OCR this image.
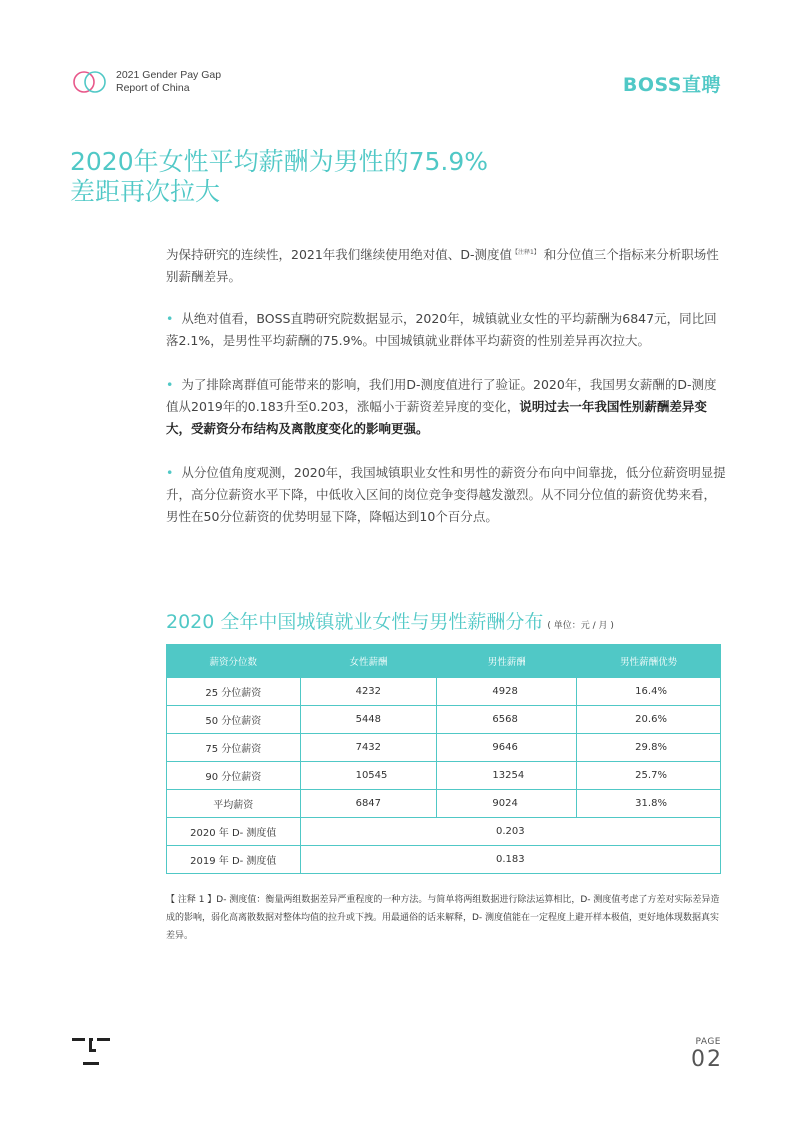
2021 Gender Pay Gap
Report of China	BOSS直聘
2020年女性平均薪酬为男性的75.9%
差距再次拉大
为保持研究的连续性，2021年我们继续使用绝对值、D-测度值$^{【注释1】}$ 和分位值三个指标来分析职场性别薪酬差异。
• 从绝对值看，BOSS直聘研究院数据显示，2020年，城镇就业女性的平均薪酬为6847元，同比回落2.1%，是男性平均薪酬的75.9%。中国城镇就业群体平均薪资的性别差异再次拉大。
• 为了排除离群值可能带来的影响，我们用D-测度值进行了验证。2020年，我国男女薪酬的D-测度值从2019年的0.183升至0.203，涨幅小于薪资差异度的变化，说明过去一年我国性别薪酬差异变大，受薪资分布结构及离散度变化的影响更强。
• 从分位值角度观测，2020年，我国城镇职业女性和男性的薪资分布向中间靠拢，低分位薪资明显提升，高分位薪资水平下降，中低收入区间的岗位竞争变得越发激烈。从不同分位值的薪资优势来看，男性在50分位薪资的优势明显下降，降幅达到10个百分点。
2020 全年中国城镇就业女性与男性薪酬分布 ( 单位：元 / 月 )
薪资分位数	女性薪酬	男性薪酬	男性薪酬优势
25 分位薪资	4232	4928	16.4%
50 分位薪资	5448	6568	20.6%
75 分位薪资	7432	9646	29.8%
90 分位薪资	10545	13254	25.7%
平均薪资	6847	9024	31.8%
2020 年 D- 测度值	0.203		
2019 年 D- 测度值	0.183		
【 注释 1 】D- 测度值：衡量两组数据差异严重程度的一种方法。与简单将两组数据进行除法运算相比，D- 测度值考虑了方差对实际差异造成的影响，弱化高离散数据对整体均值的拉升或下拽。用最通俗的话来解释，D- 测度值能在一定程度上避开样本极值，更好地体现数据真实差异。
PAGE
02
